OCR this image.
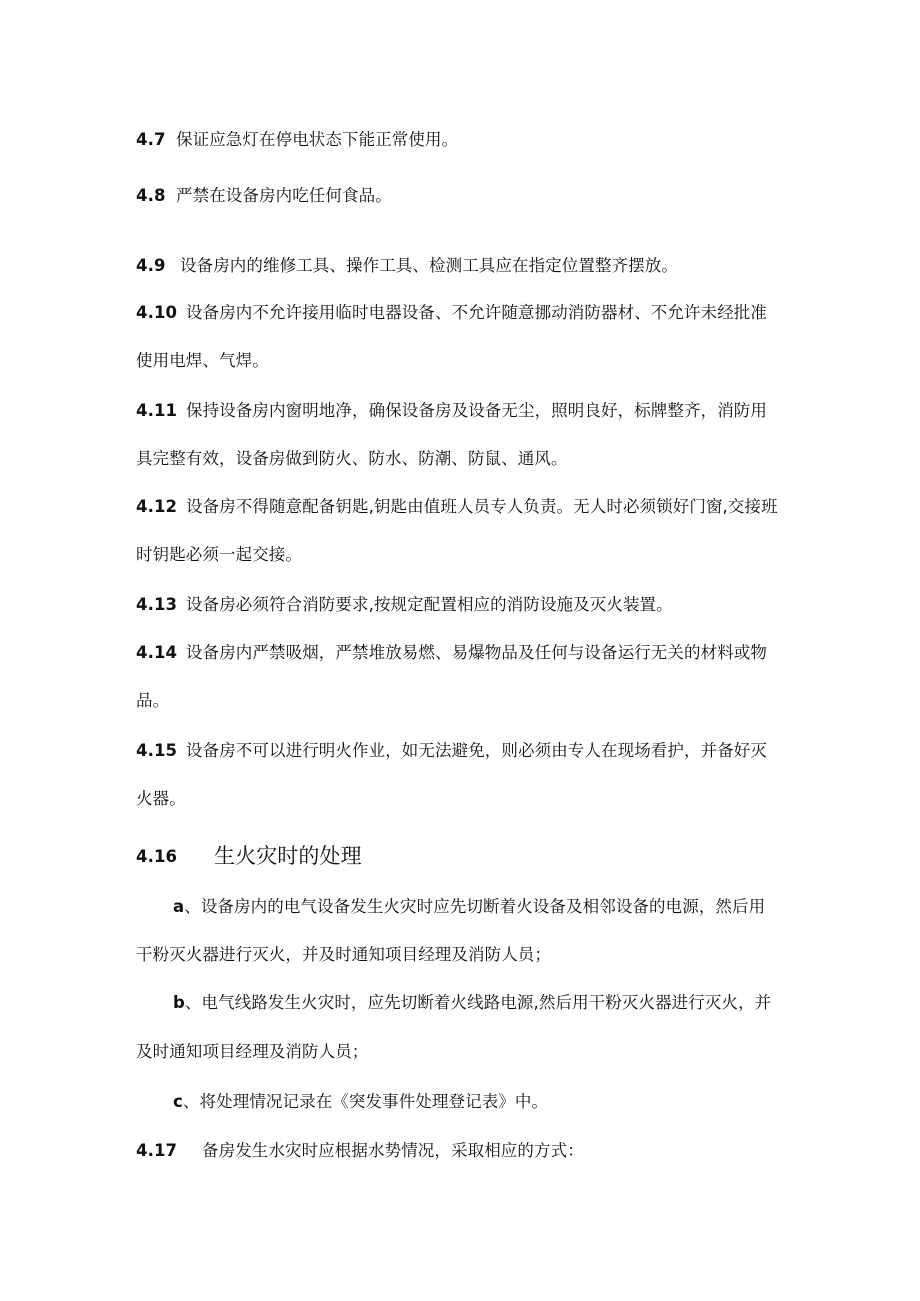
4.7 保证应急灯在停电状态下能正常使用。
4.8 严禁在设备房内吃任何食品。
4.9 设备房内的维修工具、操作工具、检测工具应在指定位置整齐摆放。
4.10 设备房内不允许接用临时电器设备、不允许随意挪动消防器材、不允许未经批准
使用电焊、气焊。
4.11 保持设备房内窗明地净，确保设备房及设备无尘，照明良好，标牌整齐，消防用
具完整有效，设备房做到防火、防水、防潮、防鼠、通风。
4.12 设备房不得随意配备钥匙,钥匙由值班人员专人负责。无人时必须锁好门窗,交接班
时钥匙必须一起交接。
4.13 设备房必须符合消防要求,按规定配置相应的消防设施及灭火装置。
4.14 设备房内严禁吸烟，严禁堆放易燃、易爆物品及任何与设备运行无关的材料或物
品。
4.15 设备房不可以进行明火作业，如无法避免，则必须由专人在现场看护，并备好灭
火器。
4.16 生火灾时的处理
a、设备房内的电气设备发生火灾时应先切断着火设备及相邻设备的电源，然后用
干粉灭火器进行灭火，并及时通知项目经理及消防人员；
b、电气线路发生火灾时，应先切断着火线路电源,然后用干粉灭火器进行灭火，并
及时通知项目经理及消防人员；
c、将处理情况记录在《突发事件处理登记表》中。
4.17 备房发生水灾时应根据水势情况，采取相应的方式：
